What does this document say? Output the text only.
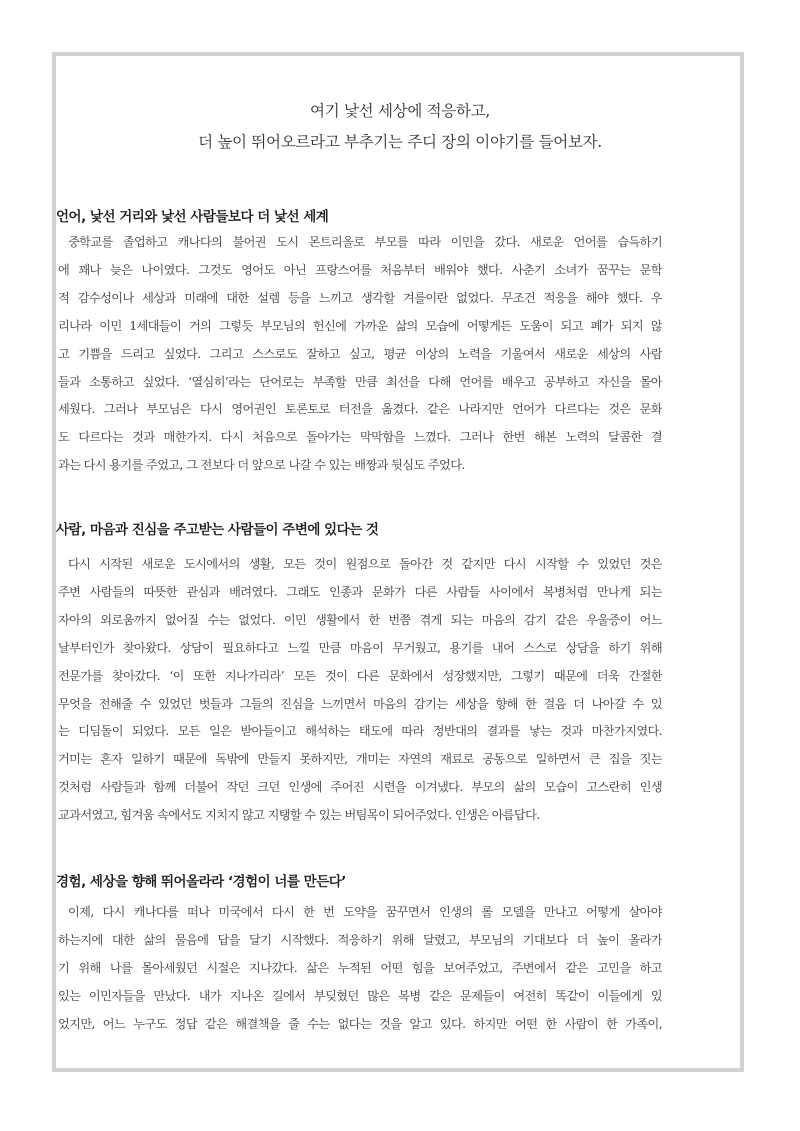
여기 낯선 세상에 적응하고,
더 높이 뛰어오르라고 부추기는 주디 장의 이야기를 들어보자.
언어, 낯선 거리와 낯선 사람들보다 더 낯선 세계
중학교를 졸업하고 캐나다의 불어권 도시 몬트리올로 부모를 따라 이민을 갔다. 새로운 언어를 습득하기
에 꽤나 늦은 나이였다. 그것도 영어도 아닌 프랑스어를 처음부터 배워야 했다. 사춘기 소녀가 꿈꾸는 문학
적 감수성이나 세상과 미래에 대한 설렘 등을 느끼고 생각할 겨를이란 없었다. 무조건 적응을 해야 했다. 우
리나라 이민 1세대들이 거의 그렇듯 부모님의 헌신에 가까운 삶의 모습에 어떻게든 도움이 되고 폐가 되지 않
고 기쁨을 드리고 싶었다. 그리고 스스로도 잘하고 싶고, 평균 이상의 노력을 기울여서 새로운 세상의 사람
들과 소통하고 싶었다. ‘열심히’라는 단어로는 부족할 만큼 최선을 다해 언어를 배우고 공부하고 자신을 몰아
세웠다. 그러나 부모님은 다시 영어권인 토론토로 터전을 옮겼다. 같은 나라지만 언어가 다르다는 것은 문화
도 다르다는 것과 매한가지. 다시 처음으로 돌아가는 막막함을 느꼈다. 그러나 한번 해본 노력의 달콤한 결
과는 다시 용기를 주었고, 그 전보다 더 앞으로 나갈 수 있는 배짱과 뒷심도 주었다.
사람, 마음과 진심을 주고받는 사람들이 주변에 있다는 것
다시 시작된 새로운 도시에서의 생활, 모든 것이 원점으로 돌아간 것 같지만 다시 시작할 수 있었던 것은
주변 사람들의 따뜻한 관심과 배려였다. 그래도 인종과 문화가 다른 사람들 사이에서 복병처럼 만나게 되는
자아의 외로움까지 없어질 수는 없었다. 이민 생활에서 한 번쯤 겪게 되는 마음의 감기 같은 우울증이 어느
날부터인가 찾아왔다. 상담이 필요하다고 느낄 만큼 마음이 무거웠고, 용기를 내어 스스로 상담을 하기 위해
전문가를 찾아갔다. ‘이 또한 지나가리라’ 모든 것이 다른 문화에서 성장했지만, 그렇기 때문에 더욱 간절한
무엇을 전해줄 수 있었던 벗들과 그들의 진심을 느끼면서 마음의 감기는 세상을 향해 한 걸음 더 나아갈 수 있
는 디딤돌이 되었다. 모든 일은 받아들이고 해석하는 태도에 따라 정반대의 결과를 낳는 것과 마찬가지였다.
거미는 혼자 일하기 때문에 독밖에 만들지 못하지만, 개미는 자연의 재료로 공동으로 일하면서 큰 집을 짓는
것처럼 사람들과 함께 더불어 작던 크던 인생에 주어진 시련을 이겨냈다. 부모의 삶의 모습이 고스란히 인생
교과서였고, 힘겨움 속에서도 지치지 않고 지탱할 수 있는 버팀목이 되어주었다. 인생은 아름답다.
경험, 세상을 향해 뛰어올라라 ‘경험이 너를 만든다’
이제, 다시 캐나다를 떠나 미국에서 다시 한 번 도약을 꿈꾸면서 인생의 롤 모델을 만나고 어떻게 살아야
하는지에 대한 삶의 물음에 답을 달기 시작했다. 적응하기 위해 달렸고, 부모님의 기대보다 더 높이 올라가
기 위해 나를 몰아세웠던 시절은 지나갔다. 삶은 누적된 어떤 힘을 보여주었고, 주변에서 같은 고민을 하고
있는 이민자들을 만났다. 내가 지나온 길에서 부딪혔던 많은 복병 같은 문제들이 여전히 똑같이 이들에게 있
었지만, 어느 누구도 정답 같은 해결책을 줄 수는 없다는 것을 알고 있다. 하지만 어떤 한 사람이 한 가족이,
